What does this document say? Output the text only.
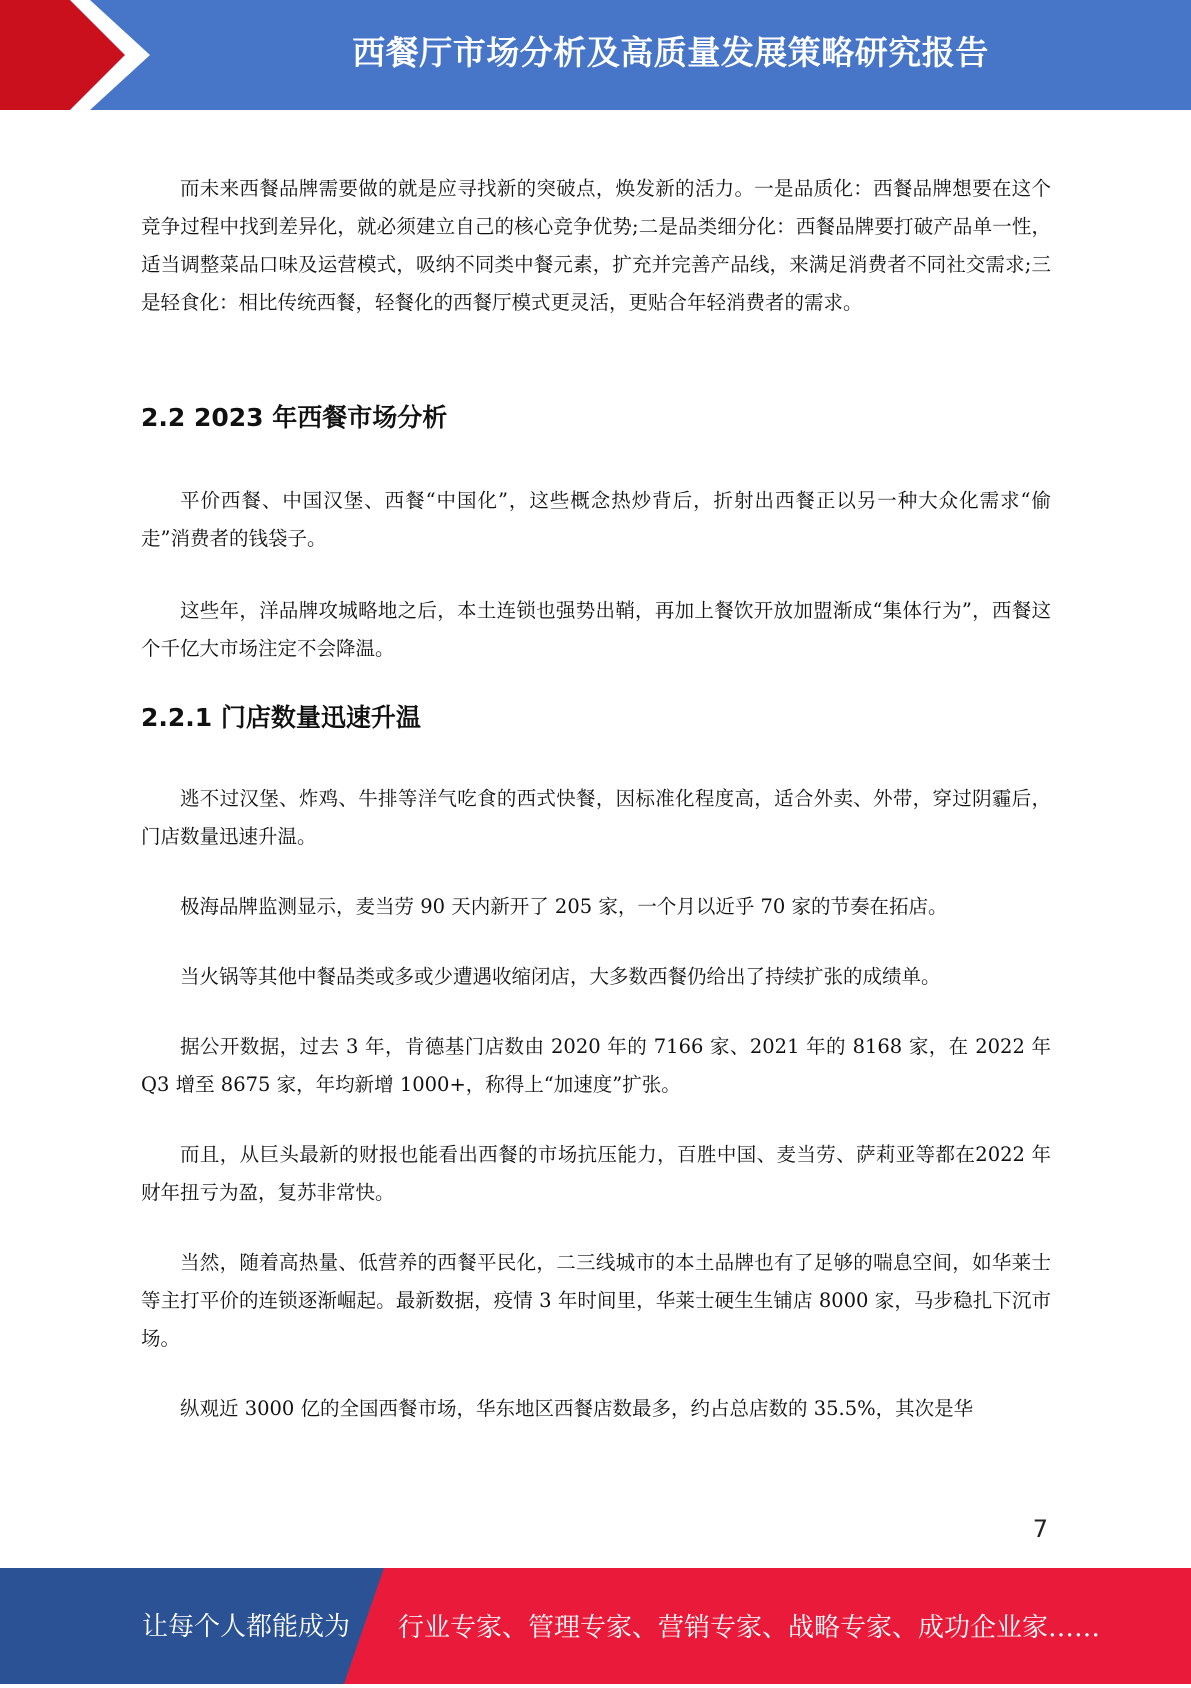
西餐厅市场分析及高质量发展策略研究报告

而未来西餐品牌需要做的就是应寻找新的突破点，焕发新的活力。一是品质化：西餐品牌想要在这个竞争过程中找到差异化，就必须建立自己的核心竞争优势;二是品类细分化：西餐品牌要打破产品单一性，适当调整菜品口味及运营模式，吸纳不同类中餐元素，扩充并完善产品线，来满足消费者不同社交需求;三是轻食化：相比传统西餐，轻餐化的西餐厅模式更灵活，更贴合年轻消费者的需求。

2.2 2023 年西餐市场分析

平价西餐、中国汉堡、西餐“中国化”，这些概念热炒背后，折射出西餐正以另一种大众化需求“偷走”消费者的钱袋子。

这些年，洋品牌攻城略地之后，本土连锁也强势出鞘，再加上餐饮开放加盟渐成“集体行为”，西餐这个千亿大市场注定不会降温。

2.2.1 门店数量迅速升温

逃不过汉堡、炸鸡、牛排等洋气吃食的西式快餐，因标准化程度高，适合外卖、外带，穿过阴霾后，门店数量迅速升温。

极海品牌监测显示，麦当劳 90 天内新开了 205 家，一个月以近乎 70 家的节奏在拓店。

当火锅等其他中餐品类或多或少遭遇收缩闭店，大多数西餐仍给出了持续扩张的成绩单。

据公开数据，过去 3 年，肯德基门店数由 2020 年的 7166 家、2021 年的 8168 家，在 2022 年Q3 增至 8675 家，年均新增 1000+，称得上“加速度”扩张。

而且，从巨头最新的财报也能看出西餐的市场抗压能力，百胜中国、麦当劳、萨莉亚等都在2022 年财年扭亏为盈，复苏非常快。

当然，随着高热量、低营养的西餐平民化，二三线城市的本土品牌也有了足够的喘息空间，如华莱士等主打平价的连锁逐渐崛起。最新数据，疫情 3 年时间里，华莱士硬生生铺店 8000 家，马步稳扎下沉市场。

纵观近 3000 亿的全国西餐市场，华东地区西餐店数最多，约占总店数的 35.5%，其次是华

7
让每个人都能成为 行业专家、管理专家、营销专家、战略专家、成功企业家……
